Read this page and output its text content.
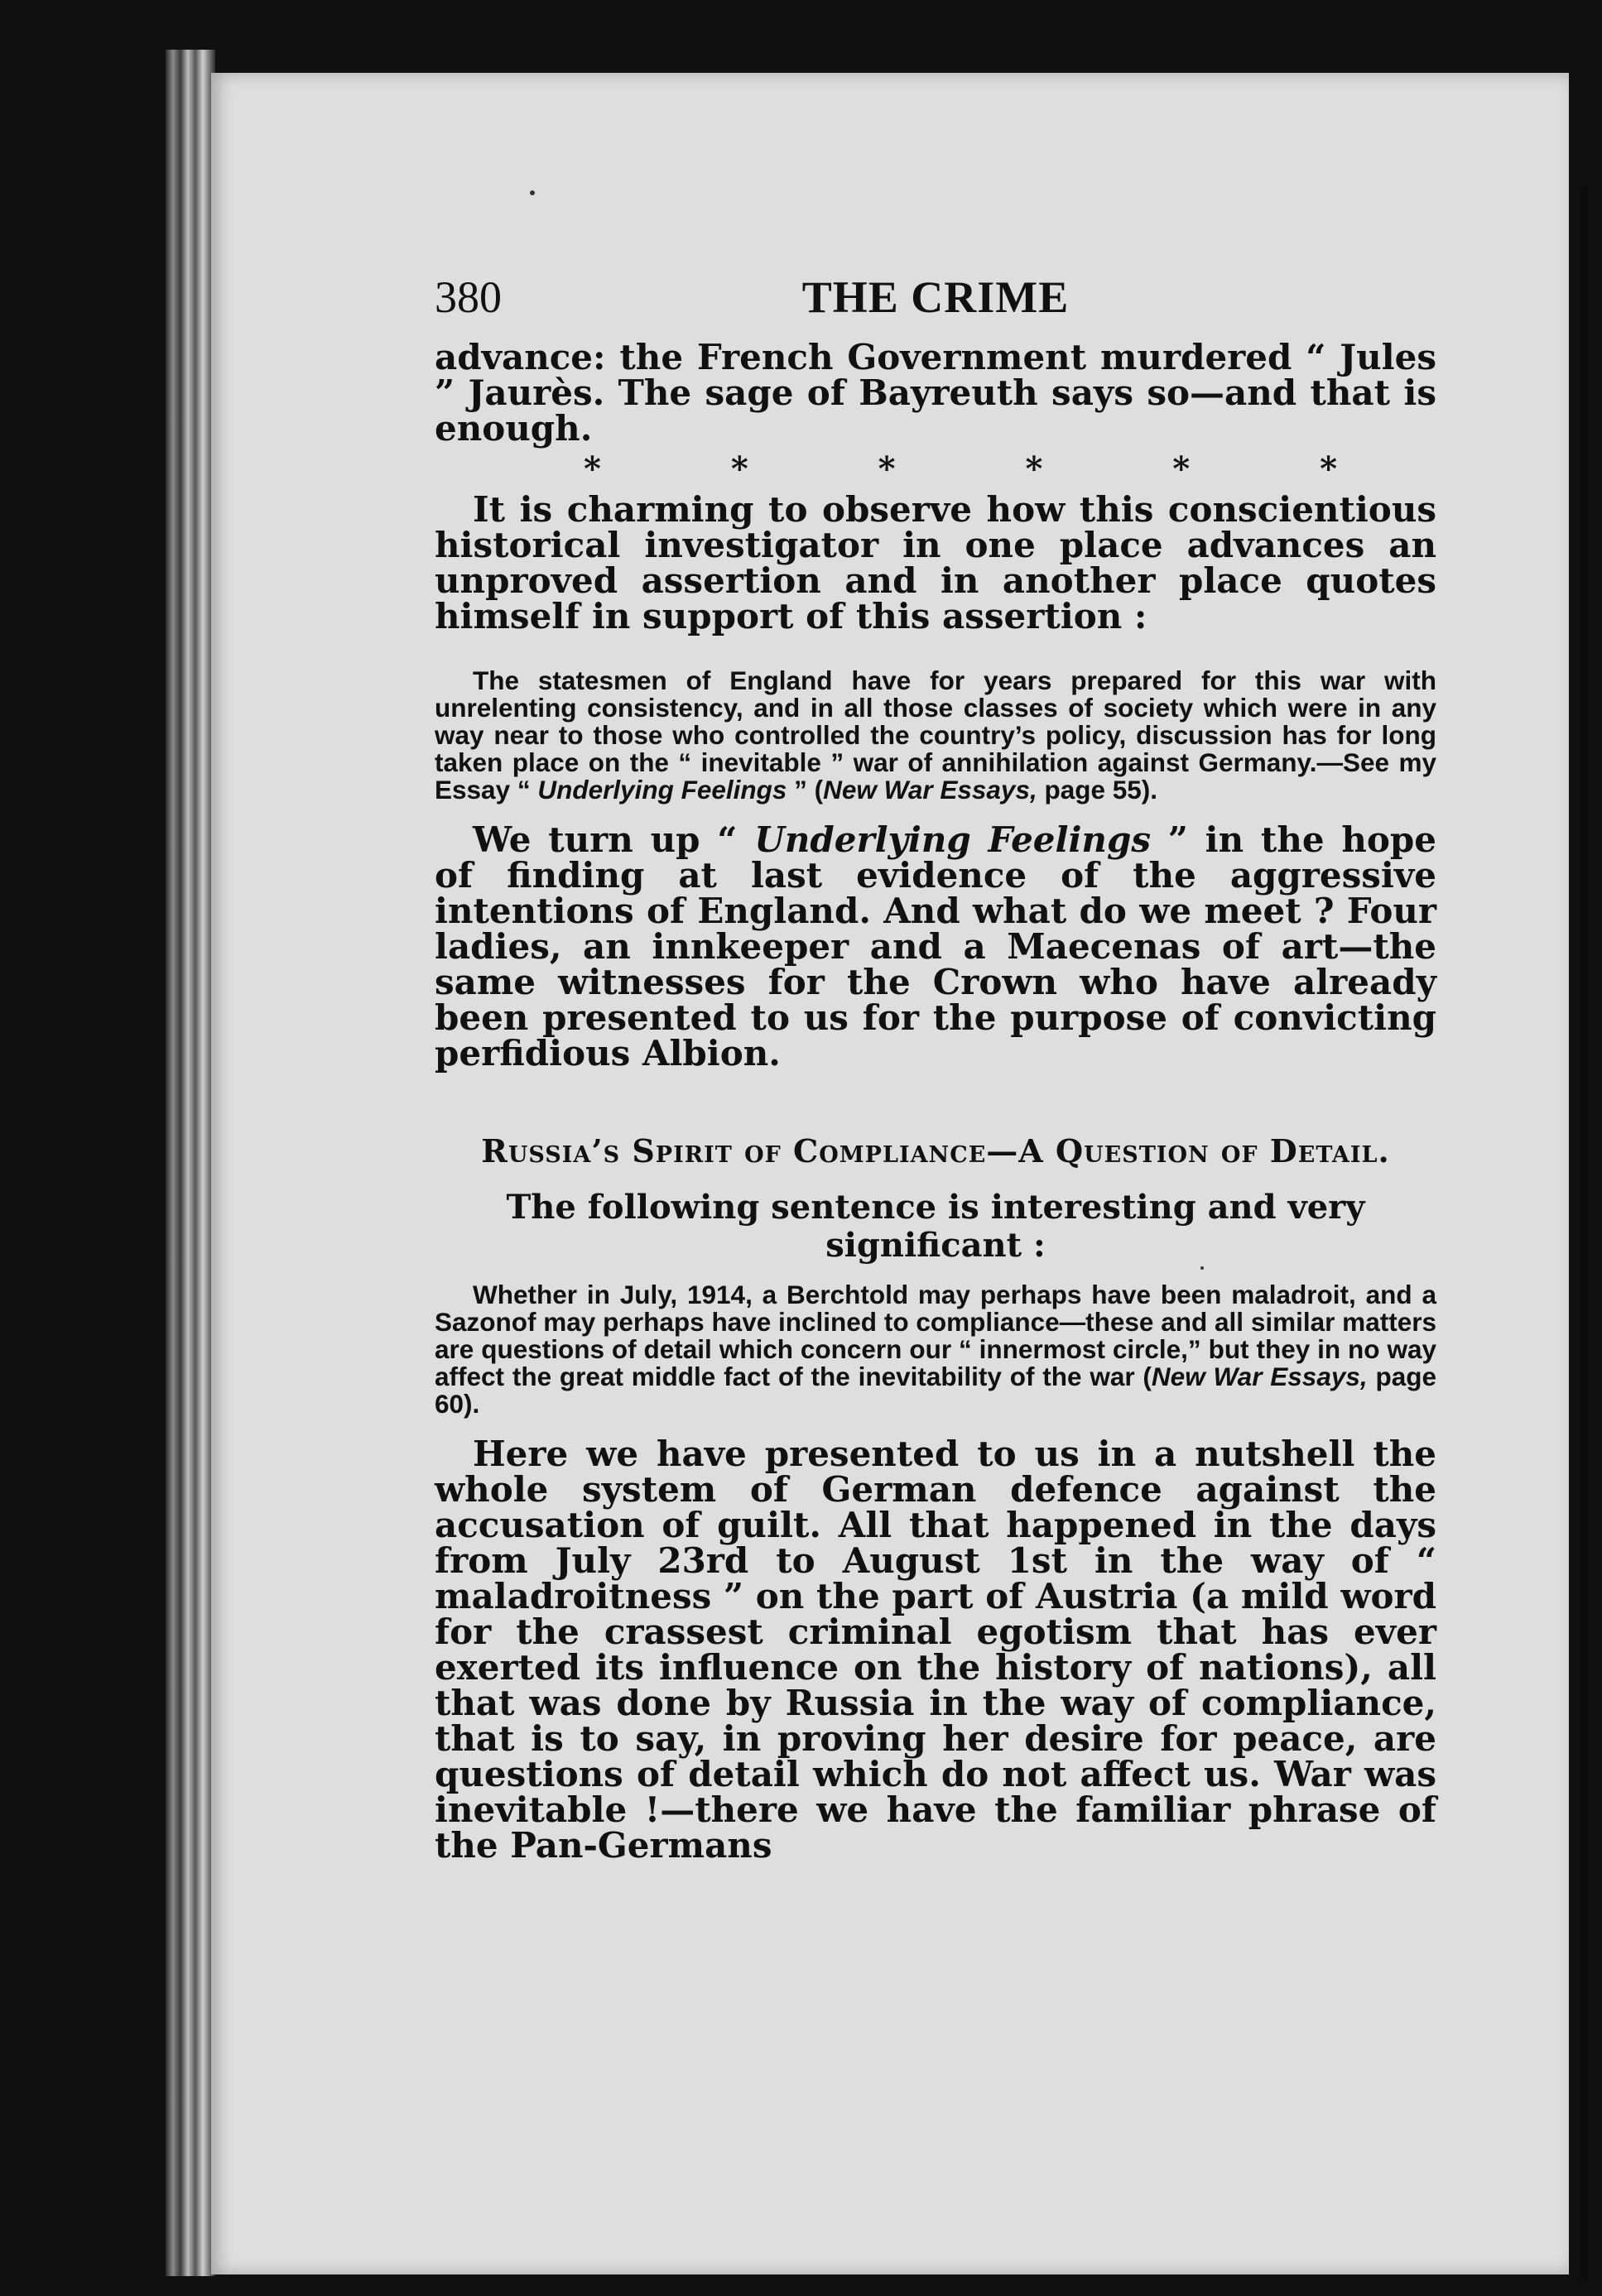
380	THE CRIME

advance: the French Government murdered “ Jules ” Jaurès. The sage of Bayreuth says so—and that is enough.

*	*	*	*	*	*

It is charming to observe how this conscientious historical investigator in one place advances an unproved assertion and in another place quotes himself in support of this assertion :

The statesmen of England have for years prepared for this war with unrelenting consistency, and in all those classes of society which were in any way near to those who controlled the country’s policy, discussion has for long taken place on the “ inevitable ” war of annihilation against Germany.—See my Essay “ Underlying Feelings ” (New War Essays, page 55).

We turn up “ Underlying Feelings ” in the hope of finding at last evidence of the aggressive intentions of England. And what do we meet ? Four ladies, an innkeeper and a Maecenas of art—the same witnesses for the Crown who have already been presented to us for the purpose of convicting perfidious Albion.

Russia’s Spirit of Compliance—A Question of Detail.

The following sentence is interesting and very significant :

Whether in July, 1914, a Berchtold may perhaps have been maladroit, and a Sazonof may perhaps have inclined to compliance—these and all similar matters are questions of detail which concern our “ innermost circle,” but they in no way affect the great middle fact of the inevitability of the war (New War Essays, page 60).

Here we have presented to us in a nutshell the whole system of German defence against the accusation of guilt. All that happened in the days from July 23rd to August 1st in the way of “ maladroitness ” on the part of Austria (a mild word for the crassest criminal egotism that has ever exerted its influence on the history of nations), all that was done by Russia in the way of compliance, that is to say, in proving her desire for peace, are questions of detail which do not affect us. War was inevitable !—there we have the familiar phrase of the Pan-Germans
